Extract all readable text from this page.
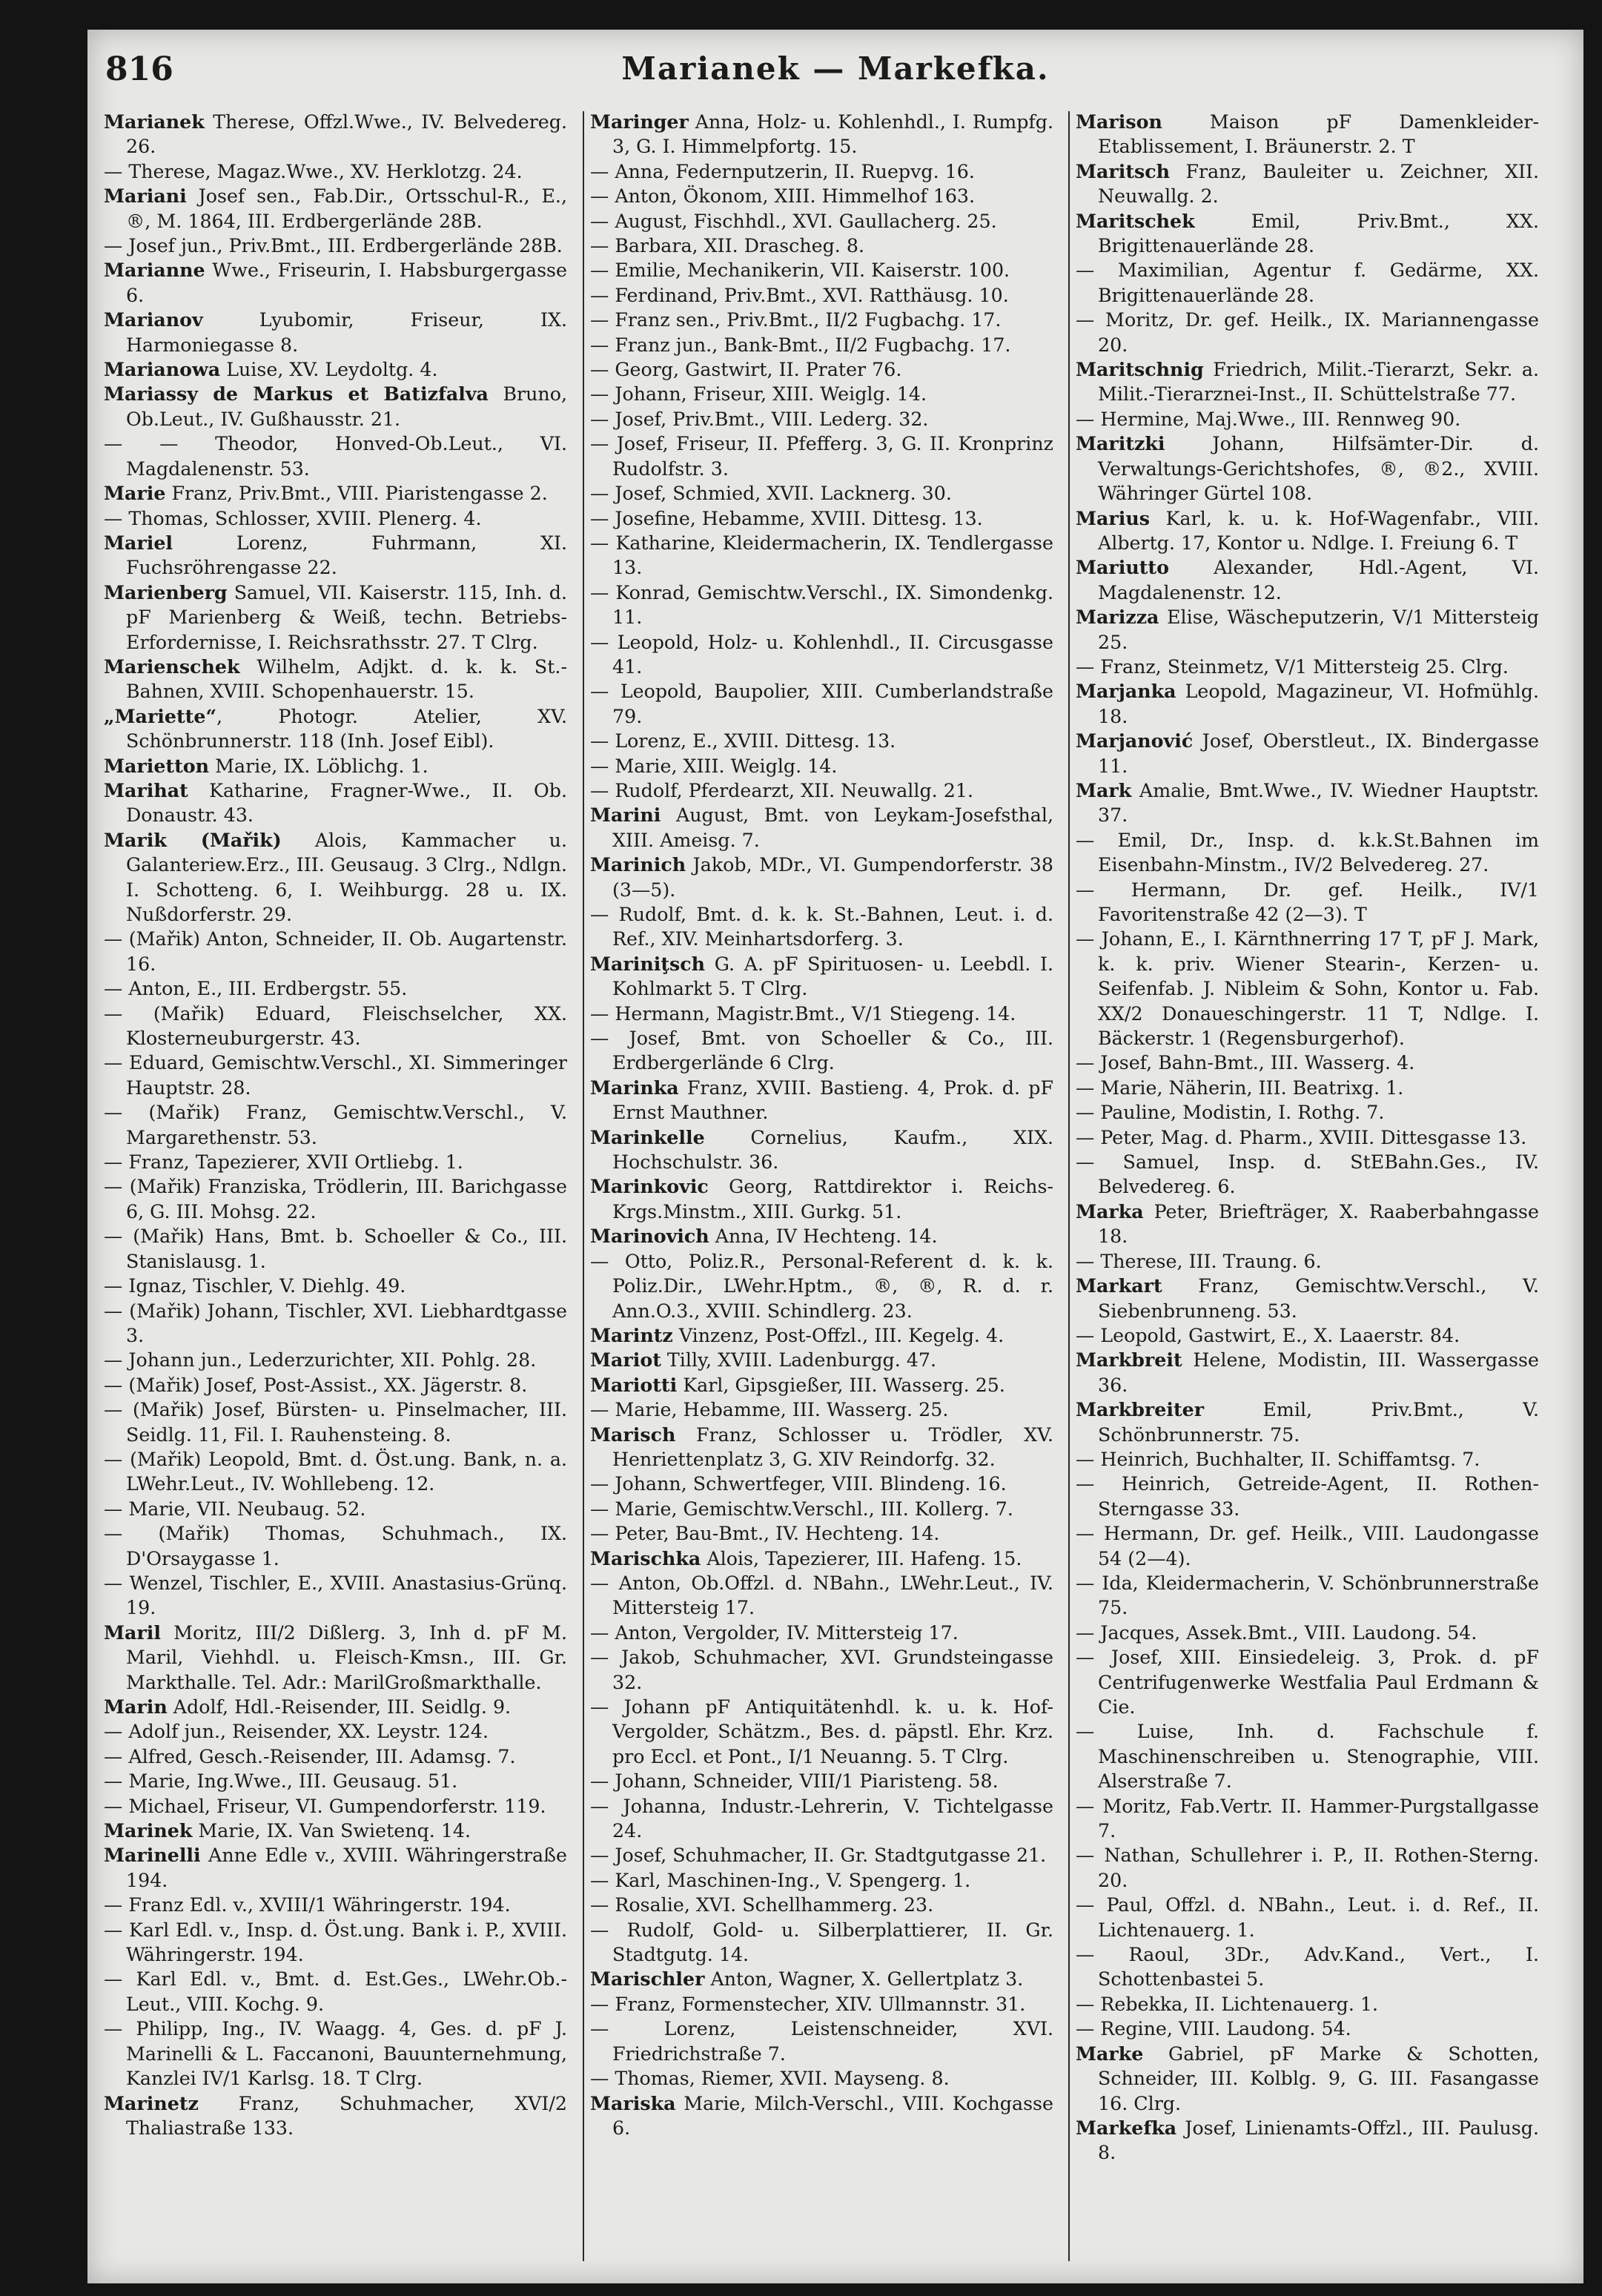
816	Marianek — Markefka.

Marianek Therese, Offzl.Wwe., IV. Belvedereg. 26.

— Therese, Magaz.Wwe., XV. Herklotzg. 24.

Mariani Josef sen., Fab.Dir., Ortsschul-R., E., ®, M. 1864, III. Erdbergerlände 28B.

— Josef jun., Priv.Bmt., III. Erdbergerlände 28B.

Marianne Wwe., Friseurin, I. Habsburgergasse 6.

Marianov Lyubomir, Friseur, IX. Harmoniegasse 8.

Marianowa Luise, XV. Leydoltg. 4.

Mariassy de Markus et Batizfalva Bruno, Ob.Leut., IV. Gußhausstr. 21.

— — Theodor, Honved-Ob.Leut., VI. Magdalenenstr. 53.

Marie Franz, Priv.Bmt., VIII. Piaristengasse 2.

— Thomas, Schlosser, XVIII. Plenerg. 4.

Mariel Lorenz, Fuhrmann, XI. Fuchsröhrengasse 22.

Marienberg Samuel, VII. Kaiserstr. 115, Inh. d. pF Marienberg & Weiß, techn. Betriebs-Erfordernisse, I. Reichsrathsstr. 27. T Clrg.

Marienschek Wilhelm, Adjkt. d. k. k. St.-Bahnen, XVIII. Schopenhauerstr. 15.

„Mariette“, Photogr. Atelier, XV. Schönbrunnerstr. 118 (Inh. Josef Eibl).

Marietton Marie, IX. Löblichg. 1.

Marihat Katharine, Fragner-Wwe., II. Ob. Donaustr. 43.

Marik (Mařik) Alois, Kammacher u. Galanteriew.Erz., III. Geusaug. 3 Clrg., Ndlgn. I. Schotteng. 6, I. Weihburgg. 28 u. IX. Nußdorferstr. 29.

— (Mařik) Anton, Schneider, II. Ob. Augartenstr. 16.

— Anton, E., III. Erdbergstr. 55.

— (Mařik) Eduard, Fleischselcher, XX. Klosterneuburgerstr. 43.

— Eduard, Gemischtw.Verschl., XI. Simmeringer Hauptstr. 28.

— (Mařik) Franz, Gemischtw.Verschl., V. Margarethenstr. 53.

— Franz, Tapezierer, XVII Ortliebg. 1.

— (Mařik) Franziska, Trödlerin, III. Barichgasse 6, G. III. Mohsg. 22.

— (Mařik) Hans, Bmt. b. Schoeller & Co., III. Stanislausg. 1.

— Ignaz, Tischler, V. Diehlg. 49.

— (Mařik) Johann, Tischler, XVI. Liebhardtgasse 3.

— Johann jun., Lederzurichter, XII. Pohlg. 28.

— (Mařik) Josef, Post-Assist., XX. Jägerstr. 8.

— (Mařik) Josef, Bürsten- u. Pinselmacher, III. Seidlg. 11, Fil. I. Rauhensteing. 8.

— (Mařik) Leopold, Bmt. d. Öst.ung. Bank, n. a. LWehr.Leut., IV. Wohllebeng. 12.

— Marie, VII. Neubaug. 52.

— (Mařik) Thomas, Schuhmach., IX. D'Orsaygasse 1.

— Wenzel, Tischler, E., XVIII. Anastasius-Grünq. 19.

Maril Moritz, III/2 Dißlerg. 3, Inh d. pF M. Maril, Viehhdl. u. Fleisch-Kmsn., III. Gr. Markthalle. Tel. Adr.: MarilGroßmarkthalle.

Marin Adolf, Hdl.-Reisender, III. Seidlg. 9.

— Adolf jun., Reisender, XX. Leystr. 124.

— Alfred, Gesch.-Reisender, III. Adamsg. 7.

— Marie, Ing.Wwe., III. Geusaug. 51.

— Michael, Friseur, VI. Gumpendorferstr. 119.

Marinek Marie, IX. Van Swietenq. 14.

Marinelli Anne Edle v., XVIII. Währingerstraße 194.

— Franz Edl. v., XVIII/1 Währingerstr. 194.

— Karl Edl. v., Insp. d. Öst.ung. Bank i. P., XVIII. Währingerstr. 194.

— Karl Edl. v., Bmt. d. Est.Ges., LWehr.Ob.-Leut., VIII. Kochg. 9.

— Philipp, Ing., IV. Waagg. 4, Ges. d. pF J. Marinelli & L. Faccanoni, Bauunternehmung, Kanzlei IV/1 Karlsg. 18. T Clrg.

Marinetz Franz, Schuhmacher, XVI/2 Thaliastraße 133.

Maringer Anna, Holz- u. Kohlenhdl., I. Rumpfg. 3, G. I. Himmelpfortg. 15.

— Anna, Federnputzerin, II. Ruepvg. 16.

— Anton, Ökonom, XIII. Himmelhof 163.

— August, Fischhdl., XVI. Gaullacherg. 25.

— Barbara, XII. Drascheg. 8.

— Emilie, Mechanikerin, VII. Kaiserstr. 100.

— Ferdinand, Priv.Bmt., XVI. Ratthäusg. 10.

— Franz sen., Priv.Bmt., II/2 Fugbachg. 17.

— Franz jun., Bank-Bmt., II/2 Fugbachg. 17.

— Georg, Gastwirt, II. Prater 76.

— Johann, Friseur, XIII. Weiglg. 14.

— Josef, Priv.Bmt., VIII. Lederg. 32.

— Josef, Friseur, II. Pfefferg. 3, G. II. Kronprinz Rudolfstr. 3.

— Josef, Schmied, XVII. Lacknerg. 30.

— Josefine, Hebamme, XVIII. Dittesg. 13.

— Katharine, Kleidermacherin, IX. Tendlergasse 13.

— Konrad, Gemischtw.Verschl., IX. Simondenkg. 11.

— Leopold, Holz- u. Kohlenhdl., II. Circusgasse 41.

— Leopold, Baupolier, XIII. Cumberlandstraße 79.

— Lorenz, E., XVIII. Dittesg. 13.

— Marie, XIII. Weiglg. 14.

— Rudolf, Pferdearzt, XII. Neuwallg. 21.

Marini August, Bmt. von Leykam-Josefsthal, XIII. Ameisg. 7.

Marinich Jakob, MDr., VI. Gumpendorferstr. 38 (3—5).

— Rudolf, Bmt. d. k. k. St.-Bahnen, Leut. i. d. Ref., XIV. Meinhartsdorferg. 3.

Mariniţsch G. A. pF Spirituosen- u. Leebdl. I. Kohlmarkt 5. T Clrg.

— Hermann, Magistr.Bmt., V/1 Stiegeng. 14.

— Josef, Bmt. von Schoeller & Co., III. Erdbergerlände 6 Clrg.

Marinka Franz, XVIII. Bastieng. 4, Prok. d. pF Ernst Mauthner.

Marinkelle Cornelius, Kaufm., XIX. Hochschulstr. 36.

Marinkovic Georg, Rattdirektor i. Reichs-Krgs.Minstm., XIII. Gurkg. 51.

Marinovich Anna, IV Hechteng. 14.

— Otto, Poliz.R., Personal-Referent d. k. k. Poliz.Dir., LWehr.Hptm., ®, ®, R. d. r. Ann.O.3., XVIII. Schindlerg. 23.

Marintz Vinzenz, Post-Offzl., III. Kegelg. 4.

Mariot Tilly, XVIII. Ladenburgg. 47.

Mariotti Karl, Gipsgießer, III. Wasserg. 25.

— Marie, Hebamme, III. Wasserg. 25.

Marisch Franz, Schlosser u. Trödler, XV. Henriettenplatz 3, G. XIV Reindorfg. 32.

— Johann, Schwertfeger, VIII. Blindeng. 16.

— Marie, Gemischtw.Verschl., III. Kollerg. 7.

— Peter, Bau-Bmt., IV. Hechteng. 14.

Marischka Alois, Tapezierer, III. Hafeng. 15.

— Anton, Ob.Offzl. d. NBahn., LWehr.Leut., IV. Mittersteig 17.

— Anton, Vergolder, IV. Mittersteig 17.

— Jakob, Schuhmacher, XVI. Grundsteingasse 32.

— Johann pF Antiquitätenhdl. k. u. k. Hof-Vergolder, Schätzm., Bes. d. päpstl. Ehr. Krz. pro Eccl. et Pont., I/1 Neuanng. 5. T Clrg.

— Johann, Schneider, VIII/1 Piaristeng. 58.

— Johanna, Industr.-Lehrerin, V. Tichtelgasse 24.

— Josef, Schuhmacher, II. Gr. Stadtgutgasse 21.

— Karl, Maschinen-Ing., V. Spengerg. 1.

— Rosalie, XVI. Schellhammerg. 23.

— Rudolf, Gold- u. Silberplattierer, II. Gr. Stadtgutg. 14.

Marischler Anton, Wagner, X. Gellertplatz 3.

— Franz, Formenstecher, XIV. Ullmannstr. 31.

— Lorenz, Leistenschneider, XVI. Friedrichstraße 7.

— Thomas, Riemer, XVII. Mayseng. 8.

Mariska Marie, Milch-Verschl., VIII. Kochgasse 6.

Marison Maison pF Damenkleider-Etablissement, I. Bräunerstr. 2. T

Maritsch Franz, Bauleiter u. Zeichner, XII. Neuwallg. 2.

Maritschek Emil, Priv.Bmt., XX. Brigittenauerlände 28.

— Maximilian, Agentur f. Gedärme, XX. Brigittenauerlände 28.

— Moritz, Dr. gef. Heilk., IX. Mariannengasse 20.

Maritschnig Friedrich, Milit.-Tierarzt, Sekr. a. Milit.-Tierarznei-Inst., II. Schüttelstraße 77.

— Hermine, Maj.Wwe., III. Rennweg 90.

Maritzki Johann, Hilfsämter-Dir. d. Verwaltungs-Gerichtshofes, ®, ®2., XVIII. Währinger Gürtel 108.

Marius Karl, k. u. k. Hof-Wagenfabr., VIII. Albertg. 17, Kontor u. Ndlge. I. Freiung 6. T

Mariutto Alexander, Hdl.-Agent, VI. Magdalenenstr. 12.

Marizza Elise, Wäscheputzerin, V/1 Mittersteig 25.

— Franz, Steinmetz, V/1 Mittersteig 25. Clrg.

Marjanka Leopold, Magazineur, VI. Hofmühlg. 18.

Marjanović Josef, Oberstleut., IX. Bindergasse 11.

Mark Amalie, Bmt.Wwe., IV. Wiedner Hauptstr. 37.

— Emil, Dr., Insp. d. k.k.St.Bahnen im Eisenbahn-Minstm., IV/2 Belvedereg. 27.

— Hermann, Dr. gef. Heilk., IV/1 Favoritenstraße 42 (2—3). T

— Johann, E., I. Kärnthnerring 17 T, pF J. Mark, k. k. priv. Wiener Stearin-, Kerzen- u. Seifenfab. J. Nibleim & Sohn, Kontor u. Fab. XX/2 Donaueschingerstr. 11 T, Ndlge. I. Bäckerstr. 1 (Regensburgerhof).

— Josef, Bahn-Bmt., III. Wasserg. 4.

— Marie, Näherin, III. Beatrixg. 1.

— Pauline, Modistin, I. Rothg. 7.

— Peter, Mag. d. Pharm., XVIII. Dittesgasse 13.

— Samuel, Insp. d. StEBahn.Ges., IV. Belvedereg. 6.

Marka Peter, Briefträger, X. Raaberbahngasse 18.

— Therese, III. Traung. 6.

Markart Franz, Gemischtw.Verschl., V. Siebenbrunneng. 53.

— Leopold, Gastwirt, E., X. Laaerstr. 84.

Markbreit Helene, Modistin, III. Wassergasse 36.

Markbreiter Emil, Priv.Bmt., V. Schönbrunnerstr. 75.

— Heinrich, Buchhalter, II. Schiffamtsg. 7.

— Heinrich, Getreide-Agent, II. Rothen-Sterngasse 33.

— Hermann, Dr. gef. Heilk., VIII. Laudongasse 54 (2—4).

— Ida, Kleidermacherin, V. Schönbrunnerstraße 75.

— Jacques, Assek.Bmt., VIII. Laudong. 54.

— Josef, XIII. Einsiedeleig. 3, Prok. d. pF Centrifugenwerke Westfalia Paul Erdmann & Cie.

— Luise, Inh. d. Fachschule f. Maschinenschreiben u. Stenographie, VIII. Alserstraße 7.

— Moritz, Fab.Vertr. II. Hammer-Purgstallgasse 7.

— Nathan, Schullehrer i. P., II. Rothen-Sterng. 20.

— Paul, Offzl. d. NBahn., Leut. i. d. Ref., II. Lichtenauerg. 1.

— Raoul, 3Dr., Adv.Kand., Vert., I. Schottenbastei 5.

— Rebekka, II. Lichtenauerg. 1.

— Regine, VIII. Laudong. 54.

Marke Gabriel, pF Marke & Schotten, Schneider, III. Kolblg. 9, G. III. Fasangasse 16. Clrg.

Markefka Josef, Linienamts-Offzl., III. Paulusg. 8.
